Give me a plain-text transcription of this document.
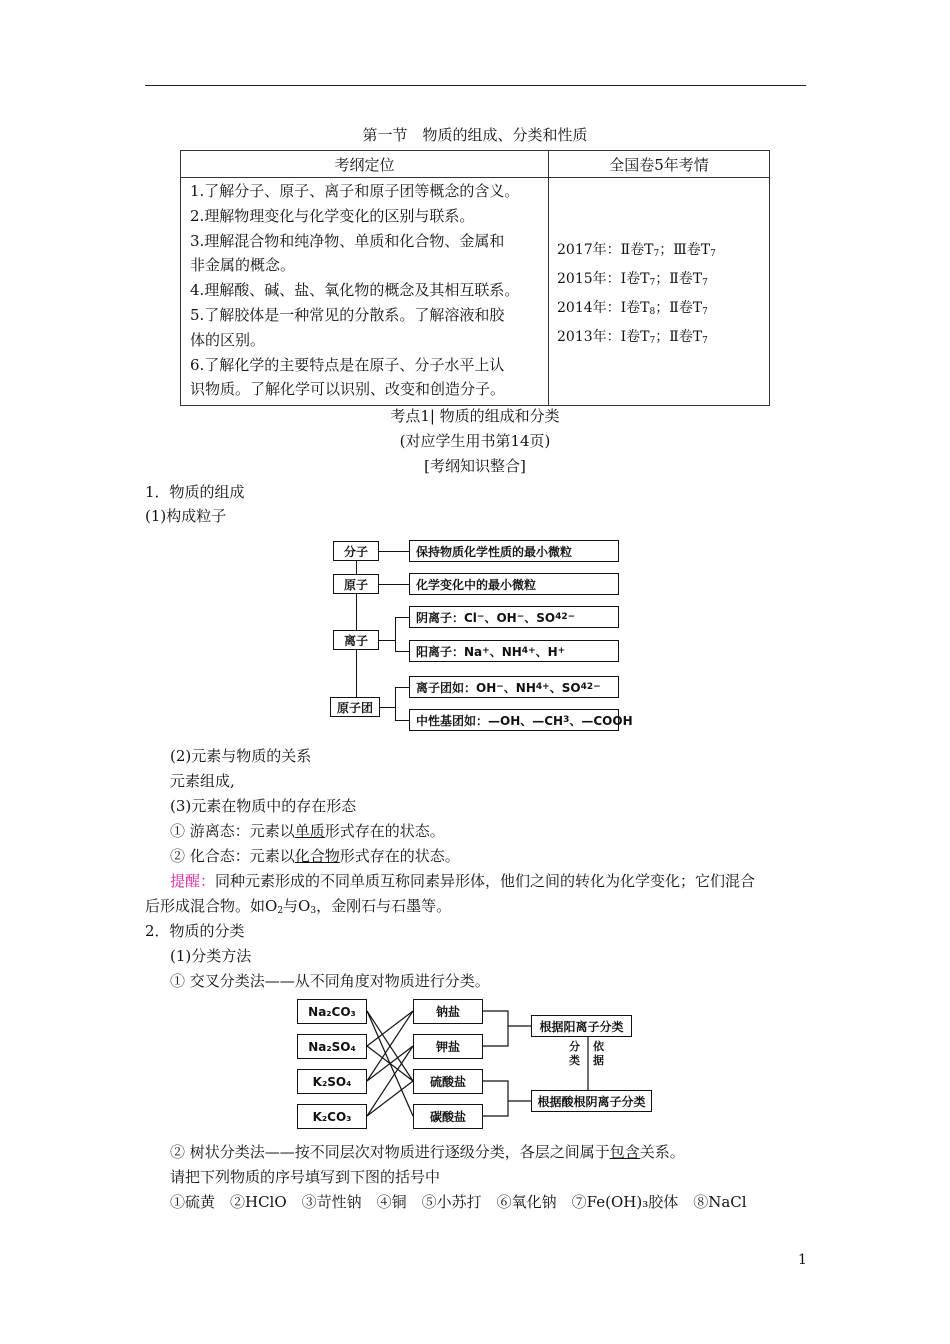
第一节　物质的组成、分类和性质
考纲定位	全国卷5年考情
1.了解分子、原子、离子和原子团等概念的含义。
2.理解物理变化与化学变化的区别与联系。
3.理解混合物和纯净物、单质和化合物、金属和
非金属的概念。
4.理解酸、碱、盐、氧化物的概念及其相互联系。
5.了解胶体是一种常见的分散系。了解溶液和胶
体的区别。
6.了解化学的主要特点是在原子、分子水平上认
识物质。了解化学可以识别、改变和创造分子。
2017年：Ⅱ卷$T_7$；Ⅲ卷$T_7$
2015年：Ⅰ卷$T_7$；Ⅱ卷$T_7$
2014年：Ⅰ卷$T_8$；Ⅱ卷$T_7$
2013年：Ⅰ卷$T_7$；Ⅱ卷$T_7$
考点1| 物质的组成和分类
(对应学生用书第14页)
[考纲知识整合]
1．物质的组成
(1)构成粒子
分子	保持物质化学性质的最小微粒
原子	化学变化中的最小微粒
离子
阴离子：Cl − 、OH − 、SO 4 2−
阳离子：Na + 、NH 4 + 、H +
原子团
离子团如：OH − 、NH 4 + 、SO 4 2−
中性基团如：—OH、—CH 3 、—COOH
(2)元素与物质的关系
元素组成,
(3)元素在物质中的存在形态
① 游离态：元素以单质形式存在的状态。
② 化合态：元素以化合物形式存在的状态。
提醒：同种元素形成的不同单质互称同素异形体，他们之间的转化为化学变化；它们混合
后形成混合物。如$O_2$与$O_3$，金刚石与石墨等。
2．物质的分类
(1)分类方法
① 交叉分类法——从不同角度对物质进行分类。
Na₂CO₃
Na₂SO₄
K₂SO₄
K₂CO₃
钠盐
钾盐
硫酸盐
碳酸盐
根据阳离子分类
根据酸根阴离子分类
分类
依据
② 树状分类法——按不同层次对物质进行逐级分类，各层之间属于包含关系。
请把下列物质的序号填写到下图的括号中
①硫黄　②HClO　③苛性钠　④铜　⑤小苏打　⑥氧化钠　⑦Fe(OH)₃胶体　⑧NaCl
1
